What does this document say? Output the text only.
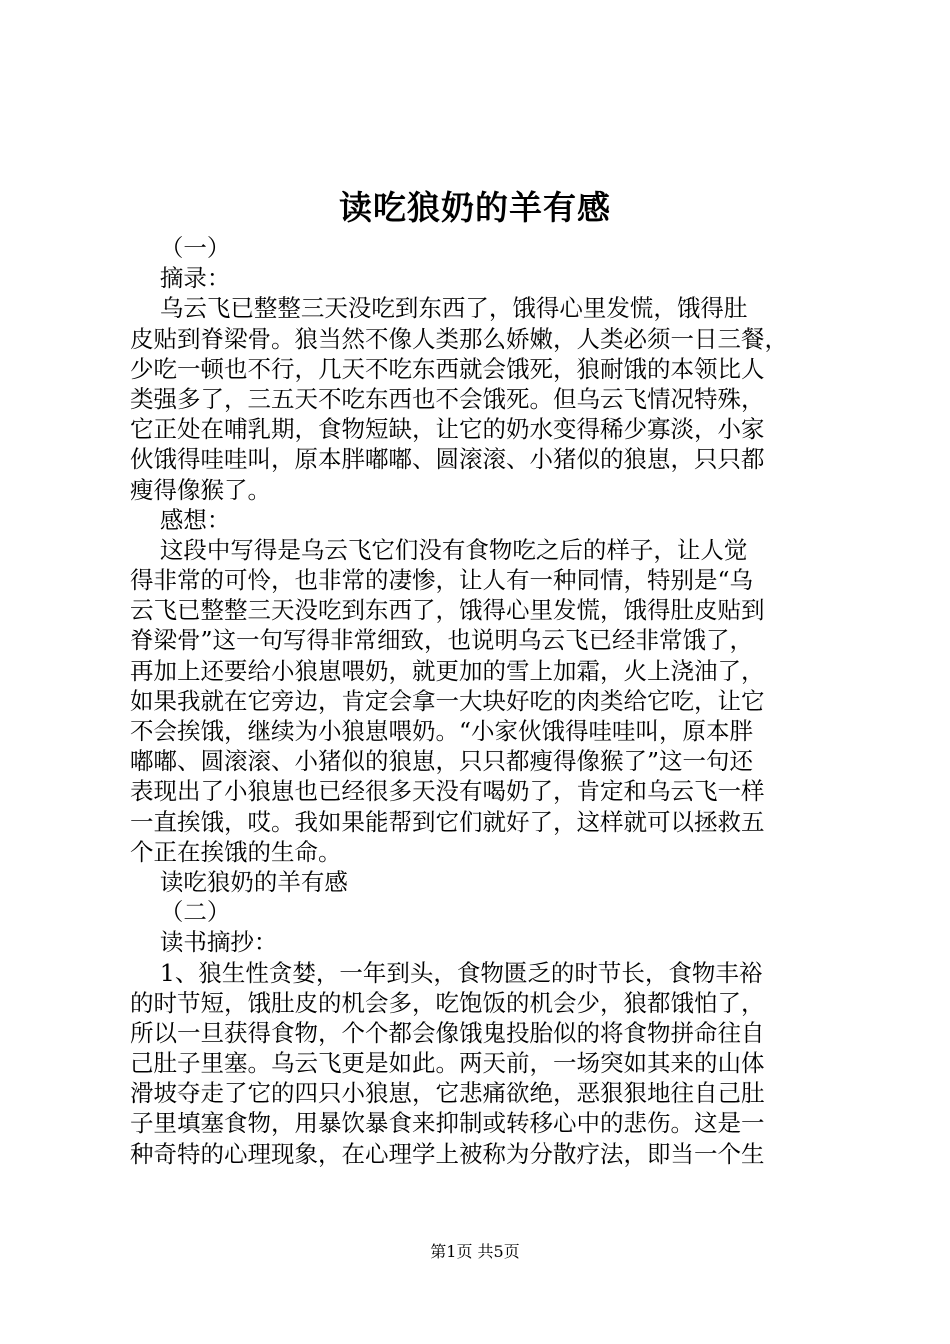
读吃狼奶的羊有感
（一）
摘录：
乌云飞已整整三天没吃到东西了，饿得心里发慌，饿得肚
皮贴到脊梁骨。狼当然不像人类那么娇嫩，人类必须一日三餐，
少吃一顿也不行，几天不吃东西就会饿死，狼耐饿的本领比人
类强多了，三五天不吃东西也不会饿死。但乌云飞情况特殊，
它正处在哺乳期，食物短缺，让它的奶水变得稀少寡淡，小家
伙饿得哇哇叫，原本胖嘟嘟、圆滚滚、小猪似的狼崽，只只都
瘦得像猴了。
感想：
这段中写得是乌云飞它们没有食物吃之后的样子，让人觉
得非常的可怜，也非常的凄惨，让人有一种同情，特别是“乌
云飞已整整三天没吃到东西了，饿得心里发慌，饿得肚皮贴到
脊梁骨”这一句写得非常细致，也说明乌云飞已经非常饿了，
再加上还要给小狼崽喂奶，就更加的雪上加霜，火上浇油了，
如果我就在它旁边，肯定会拿一大块好吃的肉类给它吃，让它
不会挨饿，继续为小狼崽喂奶。“小家伙饿得哇哇叫，原本胖
嘟嘟、圆滚滚、小猪似的狼崽，只只都瘦得像猴了”这一句还
表现出了小狼崽也已经很多天没有喝奶了，肯定和乌云飞一样
一直挨饿，哎。我如果能帮到它们就好了，这样就可以拯救五
个正在挨饿的生命。
读吃狼奶的羊有感
（二）
读书摘抄：
1、狼生性贪婪，一年到头，食物匮乏的时节长，食物丰裕
的时节短，饿肚皮的机会多，吃饱饭的机会少，狼都饿怕了，
所以一旦获得食物，个个都会像饿鬼投胎似的将食物拼命往自
己肚子里塞。乌云飞更是如此。两天前，一场突如其来的山体
滑坡夺走了它的四只小狼崽，它悲痛欲绝，恶狠狠地往自己肚
子里填塞食物，用暴饮暴食来抑制或转移心中的悲伤。这是一
种奇特的心理现象，在心理学上被称为分散疗法，即当一个生
第1页 共5页
